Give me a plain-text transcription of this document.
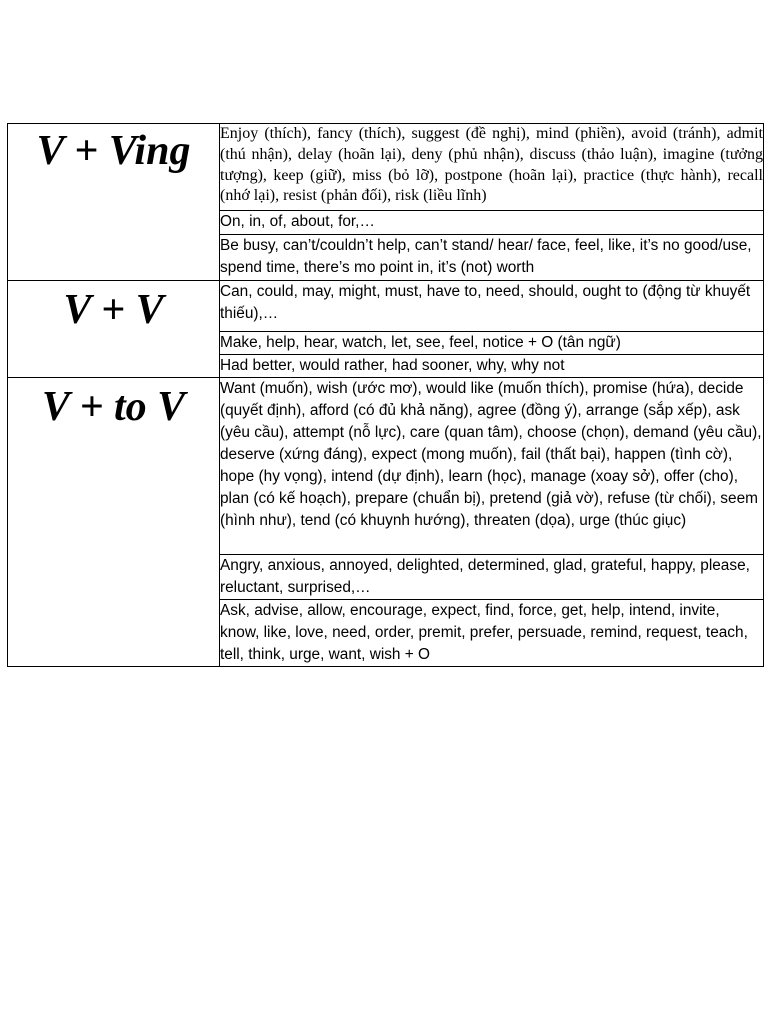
V + Ving	Enjoy (thích), fancy (thích), suggest (đề nghị), mind (phiền), avoid (tránh), admit (thú nhận), delay (hoãn lại), deny (phủ nhận), discuss (thảo luận), imagine (tưởng tượng), keep (giữ), miss (bỏ lỡ), postpone (hoãn lại), practice (thực hành), recall (nhớ lại), resist (phản đối), risk (liều lĩnh)
	On, in, of, about, for,…
	Be busy, can’t/couldn’t help, can’t stand/ hear/ face, feel, like, it’s no good/use, spend time, there’s mo point in, it’s (not) worth
V + V	Can, could, may, might, must, have to, need, should, ought to (động từ khuyết thiếu),…
	Make, help, hear, watch, let, see, feel, notice + O (tân ngữ)
	Had better, would rather, had sooner, why, why not
V + to V	Want (muốn), wish (ước mơ), would like (muốn thích), promise (hứa), decide (quyết định), afford (có đủ khả năng), agree (đồng ý), arrange (sắp xếp), ask (yêu cầu), attempt (nỗ lực), care (quan tâm), choose (chọn), demand (yêu cầu), deserve (xứng đáng), expect (mong muốn), fail (thất bại), happen (tình cờ), hope (hy vọng), intend (dự định), learn (học), manage (xoay sở), offer (cho), plan (có kế hoạch), prepare (chuẩn bị), pretend (giả vờ), refuse (từ chối), seem (hình như), tend (có khuynh hướng), threaten (dọa), urge (thúc giục)
	Angry, anxious, annoyed, delighted, determined, glad, grateful, happy, please, reluctant, surprised,…
	Ask, advise, allow, encourage, expect, find, force, get, help, intend, invite, know, like, love, need, order, premit, prefer, persuade, remind, request, teach, tell, think, urge, want, wish + O
